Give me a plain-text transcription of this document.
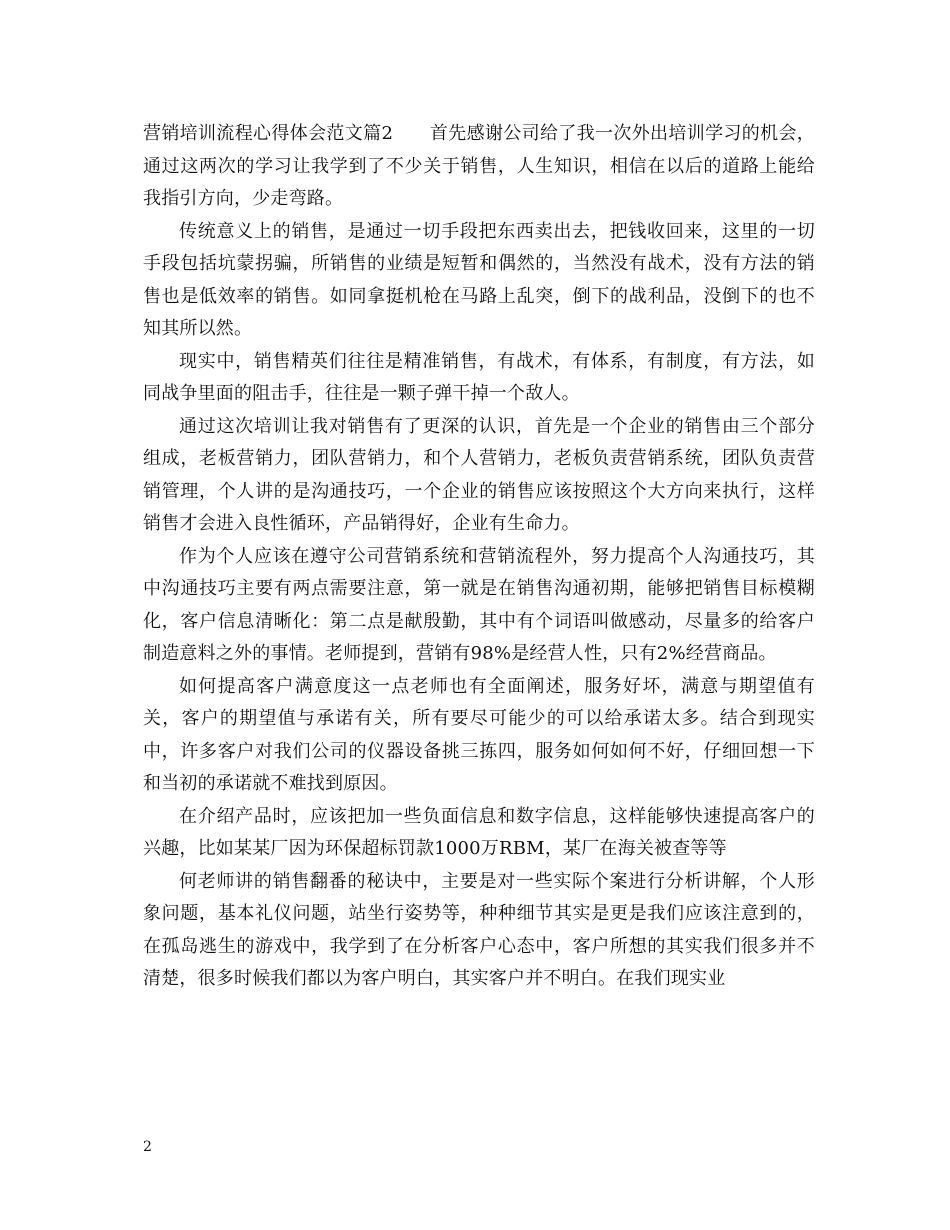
营销培训流程心得体会范文篇2　　首先感谢公司给了我一次外出培训学习的机会，通过这两次的学习让我学到了不少关于销售，人生知识，相信在以后的道路上能给我指引方向，少走弯路。

传统意义上的销售，是通过一切手段把东西卖出去，把钱收回来，这里的一切手段包括坑蒙拐骗，所销售的业绩是短暂和偶然的，当然没有战术，没有方法的销售也是低效率的销售。如同拿挺机枪在马路上乱突，倒下的战利品，没倒下的也不知其所以然。

现实中，销售精英们往往是精准销售，有战术，有体系，有制度，有方法，如同战争里面的阻击手，往往是一颗子弹干掉一个敌人。

通过这次培训让我对销售有了更深的认识，首先是一个企业的销售由三个部分组成，老板营销力，团队营销力，和个人营销力，老板负责营销系统，团队负责营销管理，个人讲的是沟通技巧，一个企业的销售应该按照这个大方向来执行，这样销售才会进入良性循环，产品销得好，企业有生命力。

作为个人应该在遵守公司营销系统和营销流程外，努力提高个人沟通技巧，其中沟通技巧主要有两点需要注意，第一就是在销售沟通初期，能够把销售目标模糊化，客户信息清晰化：第二点是献殷勤，其中有个词语叫做感动，尽量多的给客户制造意料之外的事情。老师提到，营销有98%是经营人性，只有2%经营商品。

如何提高客户满意度这一点老师也有全面阐述，服务好坏，满意与期望值有关，客户的期望值与承诺有关，所有要尽可能少的可以给承诺太多。结合到现实中，许多客户对我们公司的仪器设备挑三拣四，服务如何如何不好，仔细回想一下和当初的承诺就不难找到原因。

在介绍产品时，应该把加一些负面信息和数字信息，这样能够快速提高客户的兴趣，比如某某厂因为环保超标罚款1000万RBM，某厂在海关被查等等

何老师讲的销售翻番的秘诀中，主要是对一些实际个案进行分析讲解，个人形象问题，基本礼仪问题，站坐行姿势等，种种细节其实是更是我们应该注意到的，在孤岛逃生的游戏中，我学到了在分析客户心态中，客户所想的其实我们很多并不清楚，很多时候我们都以为客户明白，其实客户并不明白。在我们现实业

2
